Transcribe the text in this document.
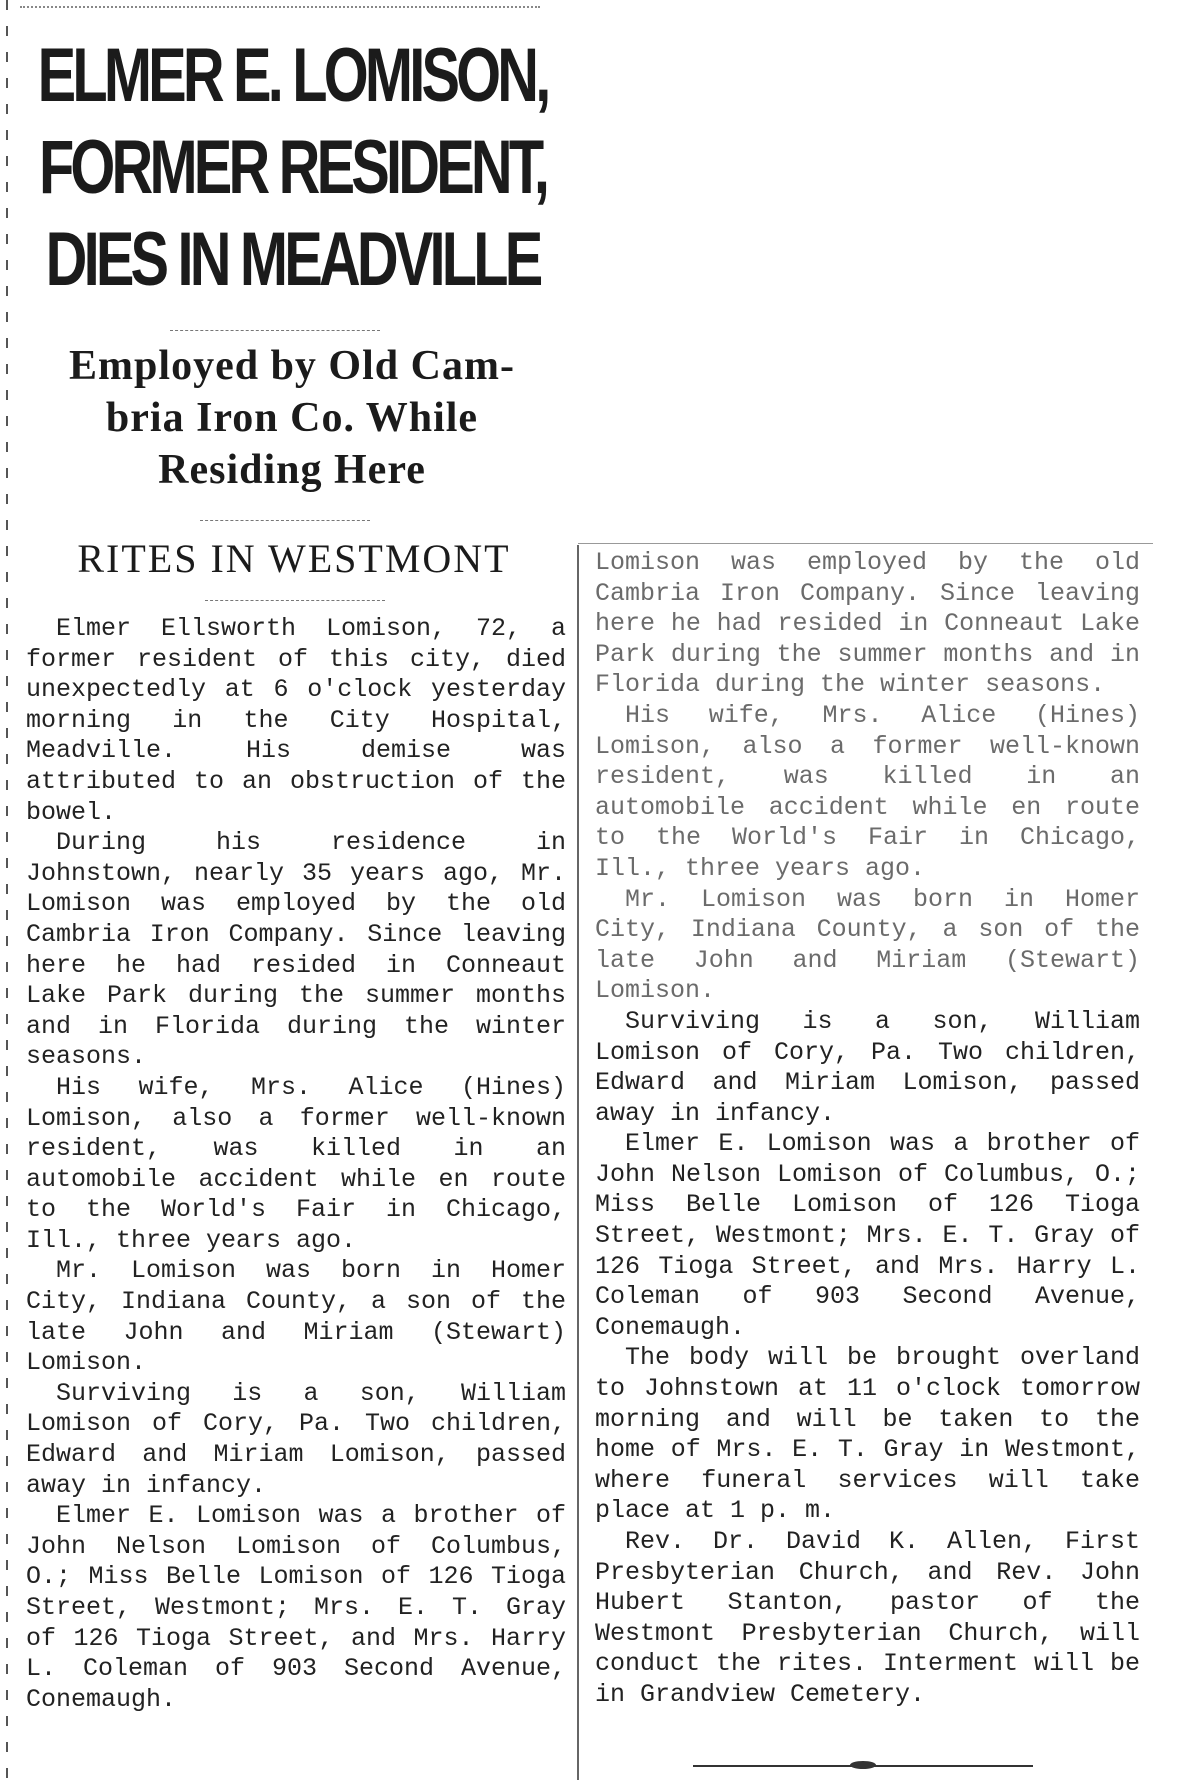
ELMER E. LOMISON,
FORMER RESIDENT,
DIES IN MEADVILLE
Employed by Old Cam-
bria Iron Co. While
Residing Here
RITES IN WESTMONT

Elmer Ellsworth Lomison, 72, a former resident of this city, died unexpectedly at 6 o'clock yesterday morning in the City Hospital, Meadville. His demise was attributed to an obstruction of the bowel.

During his residence in Johnstown, nearly 35 years ago, Mr. Lomison was employed by the old Cambria Iron Company. Since leaving here he had resided in Conneaut Lake Park during the summer months and in Florida during the winter seasons.

His wife, Mrs. Alice (Hines) Lomison, also a former well-known resident, was killed in an automobile accident while en route to the World's Fair in Chicago, Ill., three years ago.

Mr. Lomison was born in Homer City, Indiana County, a son of the late John and Miriam (Stewart) Lomison.

Surviving is a son, William Lomison of Cory, Pa. Two children, Edward and Miriam Lomison, passed away in infancy.

Elmer E. Lomison was a brother of John Nelson Lomison of Columbus, O.; Miss Belle Lomison of 126 Tioga Street, Westmont; Mrs. E. T. Gray of 126 Tioga Street, and Mrs. Harry L. Coleman of 903 Second Avenue, Conemaugh.

Lomison was employed by the old Cambria Iron Company. Since leaving here he had resided in Conneaut Lake Park during the summer months and in Florida during the winter seasons.

His wife, Mrs. Alice (Hines) Lomison, also a former well-known resident, was killed in an automobile accident while en route to the World's Fair in Chicago, Ill., three years ago.

Mr. Lomison was born in Homer City, Indiana County, a son of the late John and Miriam (Stewart) Lomison.

Surviving is a son, William Lomison of Cory, Pa. Two children, Edward and Miriam Lomison, passed away in infancy.

Elmer E. Lomison was a brother of John Nelson Lomison of Columbus, O.; Miss Belle Lomison of 126 Tioga Street, Westmont; Mrs. E. T. Gray of 126 Tioga Street, and Mrs. Harry L. Coleman of 903 Second Avenue, Conemaugh.

The body will be brought overland to Johnstown at 11 o'clock tomorrow morning and will be taken to the home of Mrs. E. T. Gray in Westmont, where funeral services will take place at 1 p. m.

Rev. Dr. David K. Allen, First Presbyterian Church, and Rev. John Hubert Stanton, pastor of the Westmont Presbyterian Church, will conduct the rites. Interment will be in Grandview Cemetery.
